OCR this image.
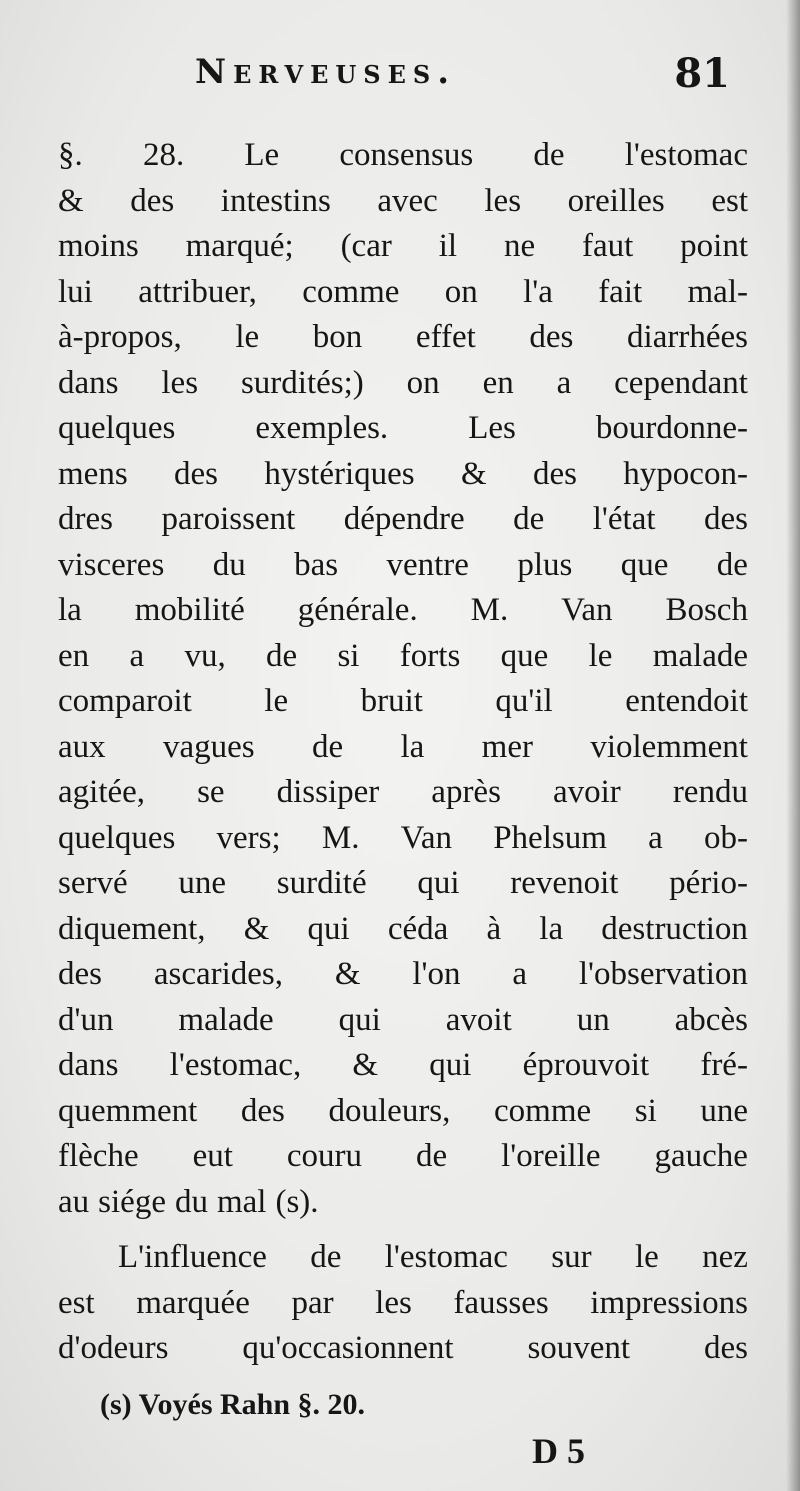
Nerveuses.	81
§. 28. Le consensus de l'estomac
& des intestins avec les oreilles est
moins marqué; (car il ne faut point
lui attribuer, comme on l'a fait mal-
à-propos, le bon effet des diarrhées
dans les surdités;) on en a cependant
quelques exemples. Les bourdonne-
mens des hystériques & des hypocon-
dres paroissent dépendre de l'état des
visceres du bas ventre plus que de
la mobilité générale. M. Van Bosch
en a vu, de si forts que le malade
comparoit le bruit qu'il entendoit
aux vagues de la mer violemment
agitée, se dissiper après avoir rendu
quelques vers; M. Van Phelsum a ob-
servé une surdité qui revenoit pério-
diquement, & qui céda à la destruction
des ascarides, & l'on a l'observation
d'un malade qui avoit un abcès
dans l'estomac, & qui éprouvoit fré-
quemment des douleurs, comme si une
flèche eut couru de l'oreille gauche
au siége du mal (s).
L'influence de l'estomac sur le nez
est marquée par les fausses impressions
d'odeurs qu'occasionnent souvent des
(s) Voyés Rahn §. 20.
D 5
